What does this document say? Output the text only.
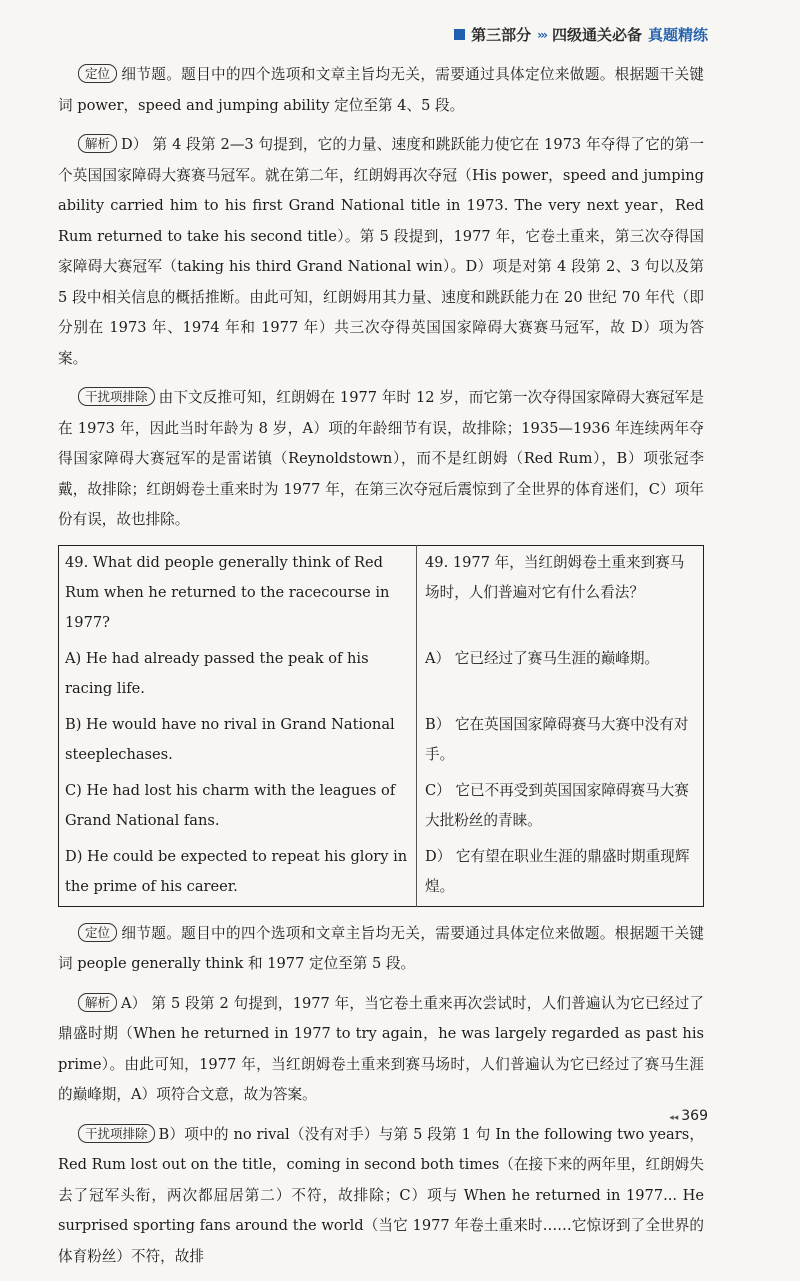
第三部分 ››› 四级通关必备 真题精练

定位 细节题。题目中的四个选项和文章主旨均无关，需要通过具体定位来做题。根据题干关键词 power，speed and jumping ability 定位至第 4、5 段。

解析 D） 第 4 段第 2—3 句提到，它的力量、速度和跳跃能力使它在 1973 年夺得了它的第一个英国国家障碍大赛赛马冠军。就在第二年，红朗姆再次夺冠（His power，speed and jumping ability carried him to his first Grand National title in 1973. The very next year，Red Rum returned to take his second title）。第 5 段提到，1977 年，它卷土重来，第三次夺得国家障碍大赛冠军（taking his third Grand National win）。D）项是对第 4 段第 2、3 句以及第 5 段中相关信息的概括推断。由此可知，红朗姆用其力量、速度和跳跃能力在 20 世纪 70 年代（即分别在 1973 年、1974 年和 1977 年）共三次夺得英国国家障碍大赛赛马冠军，故 D）项为答案。

干扰项排除 由下文反推可知，红朗姆在 1977 年时 12 岁，而它第一次夺得国家障碍大赛冠军是在 1973 年，因此当时年龄为 8 岁，A）项的年龄细节有误，故排除；1935—1936 年连续两年夺得国家障碍大赛冠军的是雷诺镇（Reynoldstown），而不是红朗姆（Red Rum），B）项张冠李戴，故排除；红朗姆卷土重来时为 1977 年，在第三次夺冠后震惊到了全世界的体育迷们，C）项年份有误，故也排除。

49. What did people generally think of Red Rum when he returned to the racecourse in 1977?	49. 1977 年，当红朗姆卷土重来到赛马场时，人们普遍对它有什么看法？
A) He had already passed the peak of his racing life.	A） 它已经过了赛马生涯的巅峰期。
B) He would have no rival in Grand National steeplechases.	B） 它在英国国家障碍赛马大赛中没有对手。
C) He had lost his charm with the leagues of Grand National fans.	C） 它已不再受到英国国家障碍赛马大赛大批粉丝的青睐。
D) He could be expected to repeat his glory in the prime of his career.	D） 它有望在职业生涯的鼎盛时期重现辉煌。

定位 细节题。题目中的四个选项和文章主旨均无关，需要通过具体定位来做题。根据题干关键词 people generally think 和 1977 定位至第 5 段。

解析 A） 第 5 段第 2 句提到，1977 年，当它卷土重来再次尝试时，人们普遍认为它已经过了鼎盛时期（When he returned in 1977 to try again，he was largely regarded as past his prime）。由此可知，1977 年，当红朗姆卷土重来到赛马场时，人们普遍认为它已经过了赛马生涯的巅峰期，A）项符合文意，故为答案。

干扰项排除 B）项中的 no rival（没有对手）与第 5 段第 1 句 In the following two years，Red Rum lost out on the title，coming in second both times（在接下来的两年里，红朗姆失去了冠军头衔，两次都屈居第二）不符，故排除；C）项与 When he returned in 1977... He surprised sporting fans around the world（当它 1977 年卷土重来时……它惊讶到了全世界的体育粉丝）不符，故排

◂◂ 369
